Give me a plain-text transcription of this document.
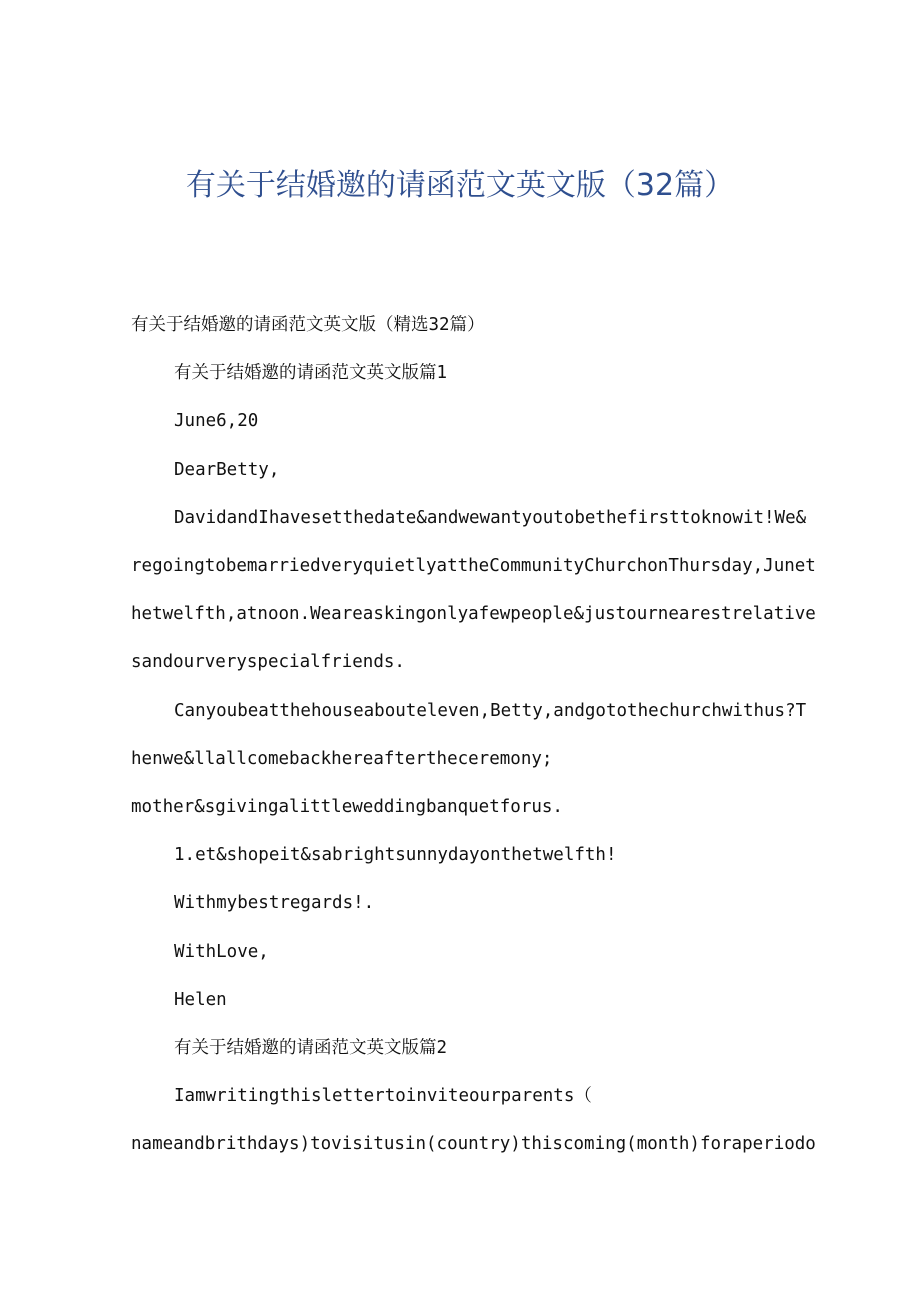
有关于结婚邀的请函范文英文版（32篇）
有关于结婚邀的请函范文英文版（精选32篇）
有关于结婚邀的请函范文英文版篇1
June6,20
DearBetty,
DavidandIhavesetthedate&andwewantyoutobethefirsttoknowit!We&
regoingtobemarriedveryquietlyattheCommunityChurchonThursday,Junet
hetwelfth,atnoon.Weareaskingonlyafewpeople&justournearestrelative
sandourveryspecialfriends.
Canyoubeatthehouseabouteleven,Betty,andgotothechurchwithus?T
henwe&llallcomebackhereaftertheceremony;
mother&sgivingalittleweddingbanquetforus.
1.et&shopeit&sabrightsunnydayonthetwelfth!
Withmybestregards!.
WithLove,
Helen
有关于结婚邀的请函范文英文版篇2
Iamwritingthislettertoinviteourparents（
nameandbrithdays)tovisitusin(country)thiscoming(month)foraperiodo
